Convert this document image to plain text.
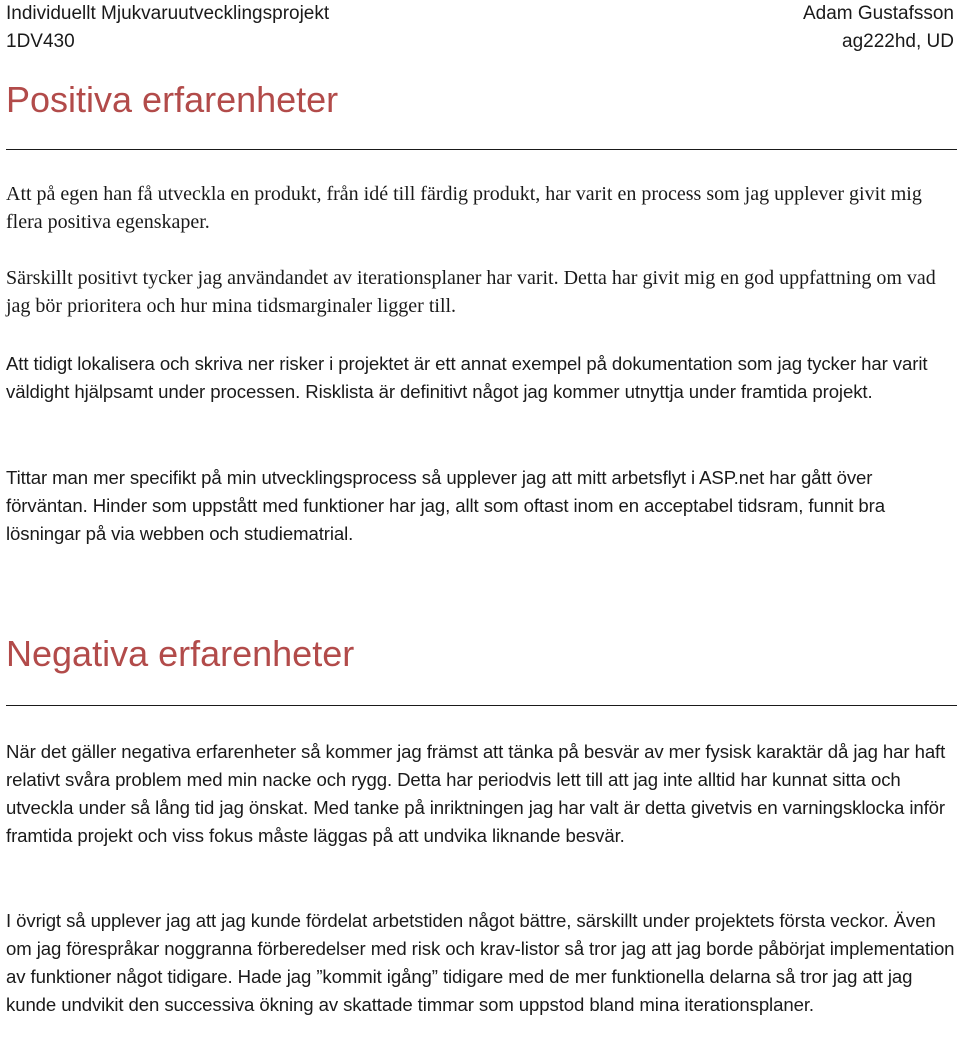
Individuellt Mjukvaruutvecklingsprojekt
1DV430
Adam Gustafsson
ag222hd, UD
Positiva erfarenheter

Att på egen han få utveckla en produkt, från idé till färdig produkt, har varit en process som jag upplever givit mig flera positiva egenskaper.

Särskillt positivt tycker jag användandet av iterationsplaner har varit. Detta har givit mig en god uppfattning om vad jag bör prioritera och hur mina tidsmarginaler ligger till.

Att tidigt lokalisera och skriva ner risker i projektet är ett annat exempel på dokumentation som jag tycker har varit väldight hjälpsamt under processen. Risklista är definitivt något jag kommer utnyttja under framtida projekt.

Tittar man mer specifikt på min utvecklingsprocess så upplever jag att mitt arbetsflyt i ASP.net har gått över förväntan. Hinder som uppstått med funktioner har jag, allt som oftast inom en acceptabel tidsram, funnit bra lösningar på via webben och studiematrial.

Negativa erfarenheter

När det gäller negativa erfarenheter så kommer jag främst att tänka på besvär av mer fysisk karaktär då jag har haft relativt svåra problem med min nacke och rygg. Detta har periodvis lett till att jag inte alltid har kunnat sitta och utveckla under så lång tid jag önskat. Med tanke på inriktningen jag har valt är detta givetvis en varningsklocka inför framtida projekt och viss fokus måste läggas på att undvika liknande besvär.

I övrigt så upplever jag att jag kunde fördelat arbetstiden något bättre, särskillt under projektets första veckor. Även om jag förespråkar noggranna förberedelser med risk och krav-listor så tror jag att jag borde påbörjat implementation av funktioner något tidigare. Hade jag ”kommit igång” tidigare med de mer funktionella delarna så tror jag att jag kunde undvikit den successiva ökning av skattade timmar som uppstod bland mina iterationsplaner.
